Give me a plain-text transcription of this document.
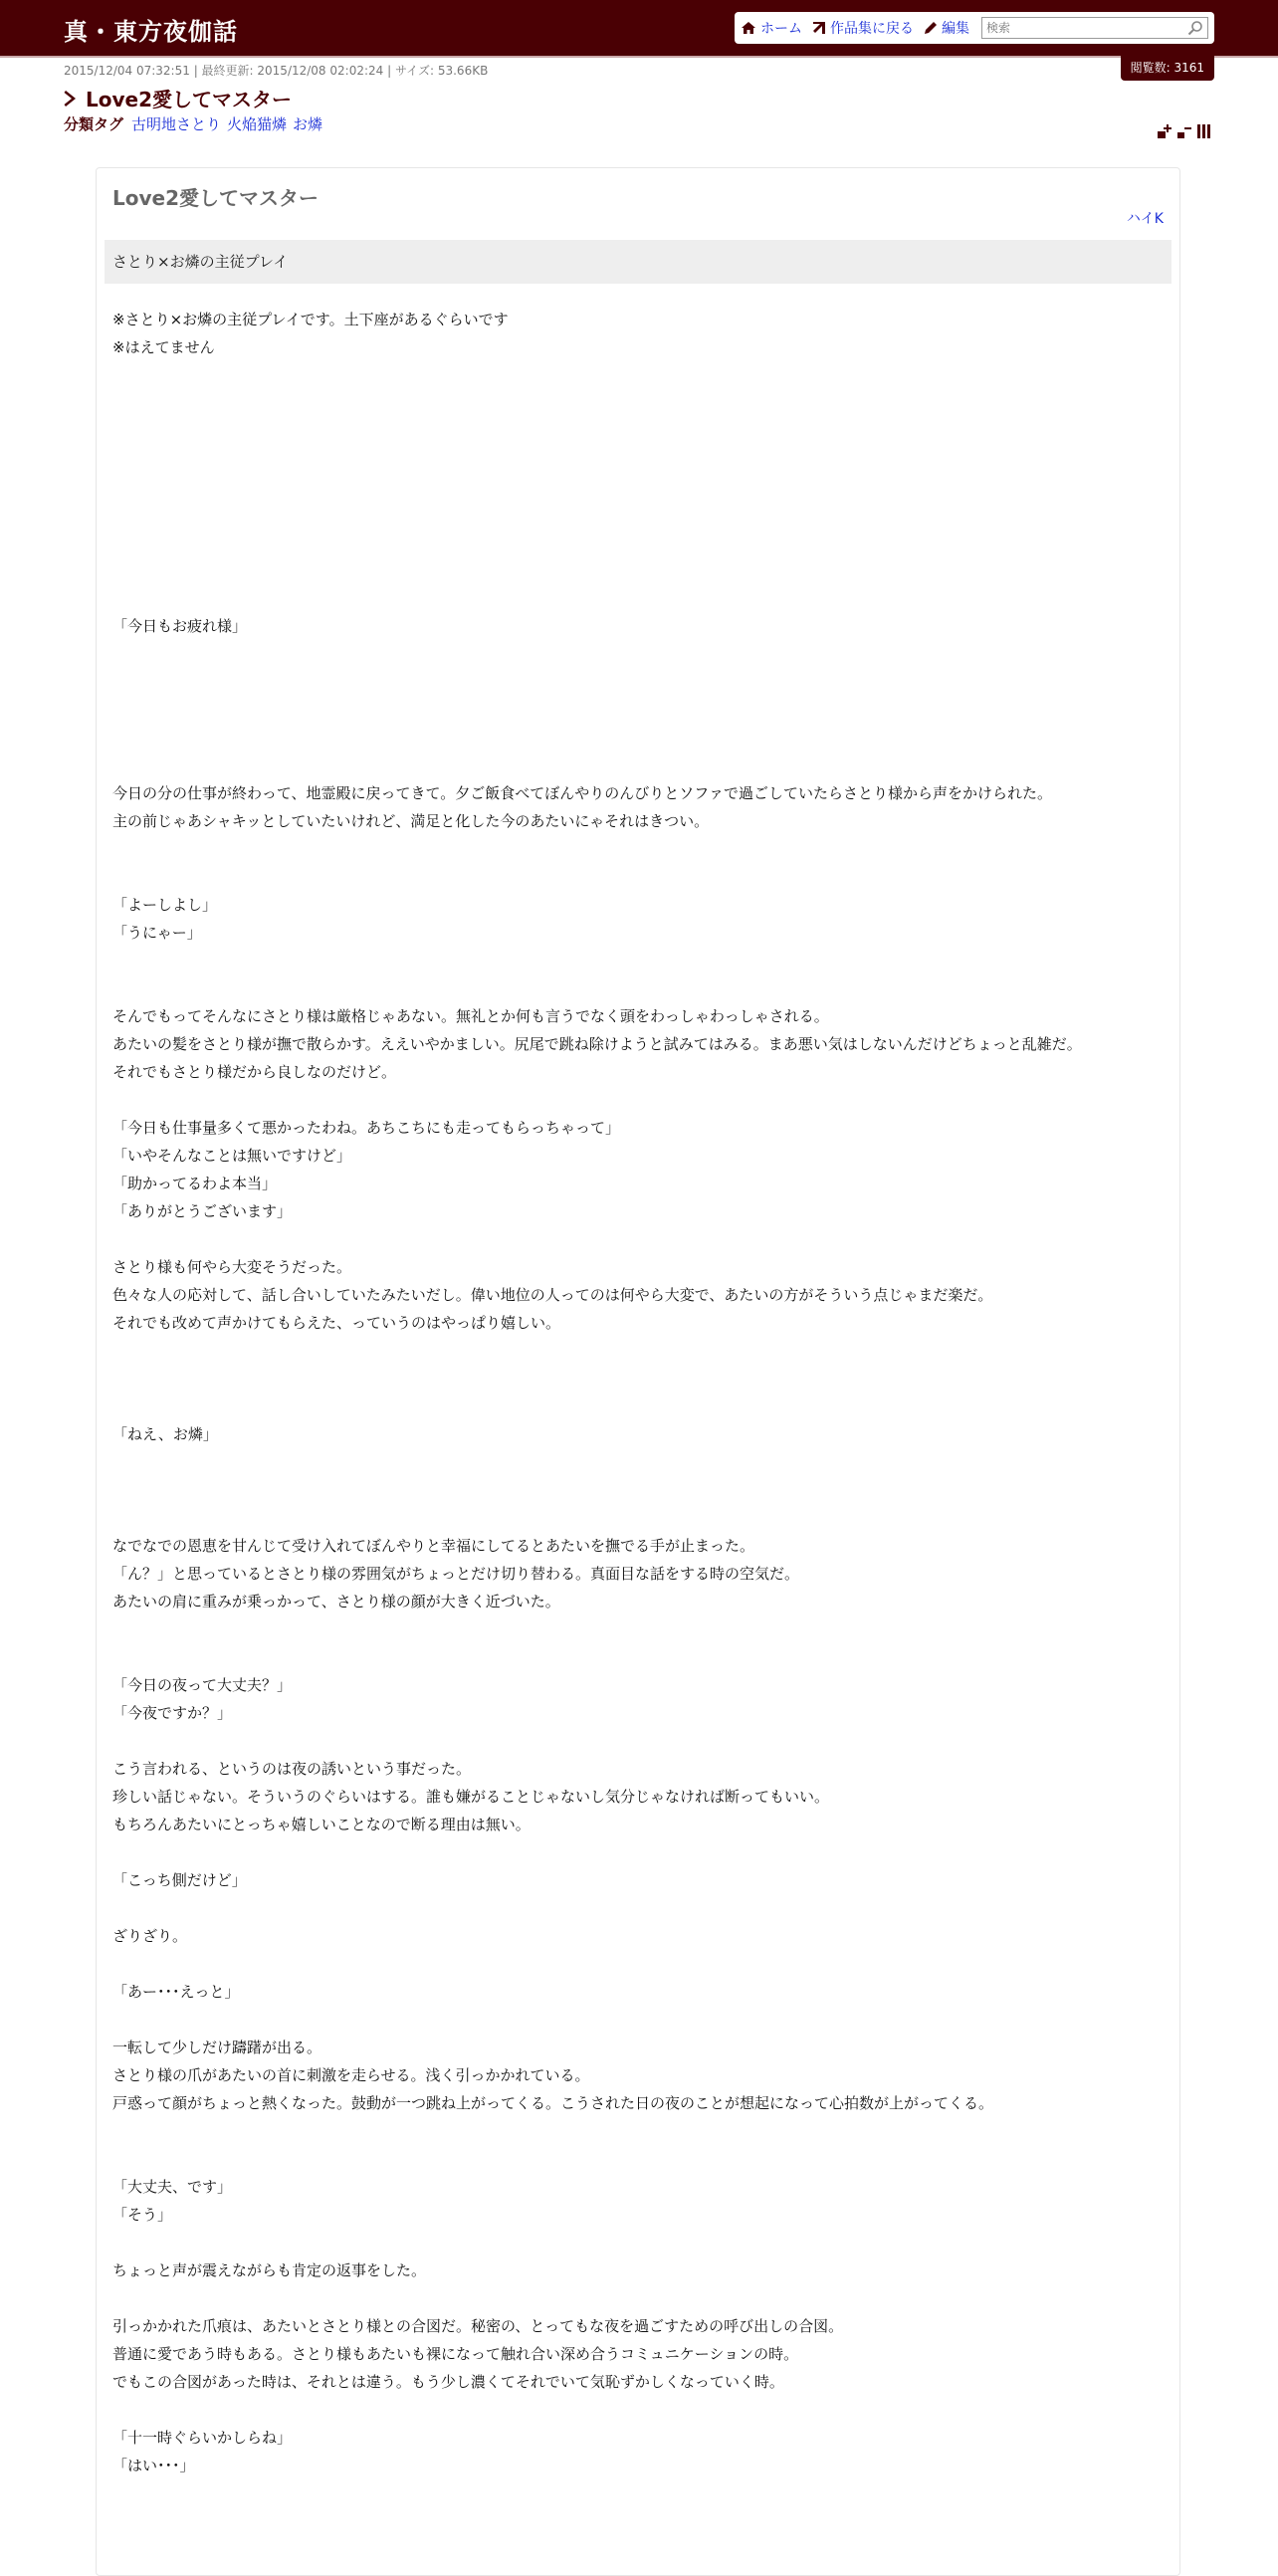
真・東方夜伽話	ホーム 作品集に戻る 編集
検索
閲覧数: 3161
2015/12/04 07:32:51 | 最終更新: 2015/12/08 02:02:24 | サイズ: 53.66KB
Love2愛してマスター
分類タグ 古明地さとり 火焔猫燐 お燐
Love2愛してマスター
ハイK
さとり×お燐の主従プレイ
※さとり×お燐の主従プレイです。土下座があるぐらいです
※はえてません
「今日もお疲れ様」
今日の分の仕事が終わって、地霊殿に戻ってきて。夕ご飯食べてぼんやりのんびりとソファで過ごしていたらさとり様から声をかけられた。
主の前じゃあシャキッとしていたいけれど、満足と化した今のあたいにゃそれはきつい。
「よーしよし」
「うにゃー」
そんでもってそんなにさとり様は厳格じゃあない。無礼とか何も言うでなく頭をわっしゃわっしゃされる。
あたいの髪をさとり様が撫で散らかす。ええいやかましい。尻尾で跳ね除けようと試みてはみる。まあ悪い気はしないんだけどちょっと乱雑だ。
それでもさとり様だから良しなのだけど。
「今日も仕事量多くて悪かったわね。あちこちにも走ってもらっちゃって」
「いやそんなことは無いですけど」
「助かってるわよ本当」
「ありがとうございます」
さとり様も何やら大変そうだった。
色々な人の応対して、話し合いしていたみたいだし。偉い地位の人ってのは何やら大変で、あたいの方がそういう点じゃまだ楽だ。
それでも改めて声かけてもらえた、っていうのはやっぱり嬉しい。
「ねえ、お燐」
なでなでの恩恵を甘んじて受け入れてぼんやりと幸福にしてるとあたいを撫でる手が止まった。
「ん？」と思っているとさとり様の雰囲気がちょっとだけ切り替わる。真面目な話をする時の空気だ。
あたいの肩に重みが乗っかって、さとり様の顔が大きく近づいた。
「今日の夜って大丈夫？」
「今夜ですか？」
こう言われる、というのは夜の誘いという事だった。
珍しい話じゃない。そういうのぐらいはする。誰も嫌がることじゃないし気分じゃなければ断ってもいい。
もちろんあたいにとっちゃ嬉しいことなので断る理由は無い。
「こっち側だけど」
ざりざり。
「あー･･･えっと」
一転して少しだけ躊躇が出る。
さとり様の爪があたいの首に刺激を走らせる。浅く引っかかれている。
戸惑って顔がちょっと熱くなった。鼓動が一つ跳ね上がってくる。こうされた日の夜のことが想起になって心拍数が上がってくる。
「大丈夫、です」
「そう」
ちょっと声が震えながらも肯定の返事をした。
引っかかれた爪痕は、あたいとさとり様との合図だ。秘密の、とってもな夜を過ごすための呼び出しの合図。
普通に愛であう時もある。さとり様もあたいも裸になって触れ合い深め合うコミュニケーションの時。
でもこの合図があった時は、それとは違う。もう少し濃くてそれでいて気恥ずかしくなっていく時。
「十一時ぐらいかしらね」
「はい･･･」
